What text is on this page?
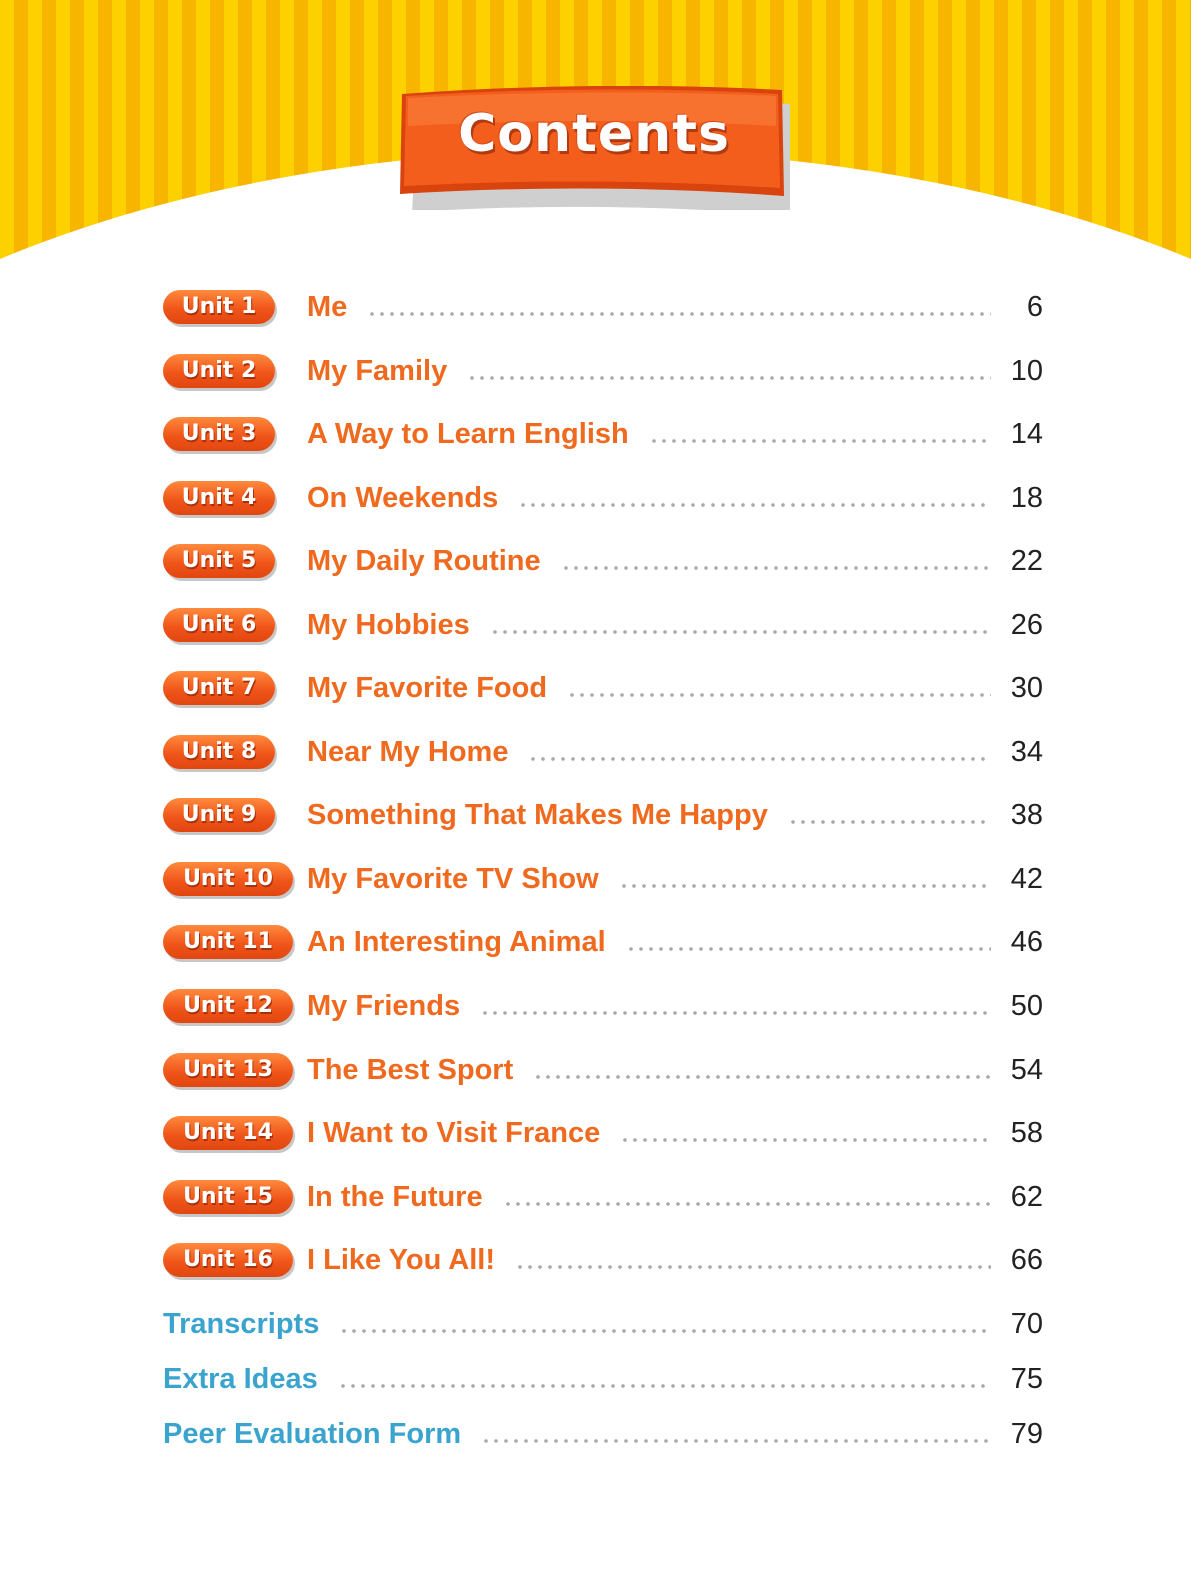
Contents
Unit 1	Me	6
Unit 2	My Family	10
Unit 3	A Way to Learn English	14
Unit 4	On Weekends	18
Unit 5	My Daily Routine	22
Unit 6	My Hobbies	26
Unit 7	My Favorite Food	30
Unit 8	Near My Home	34
Unit 9	Something That Makes Me Happy	38
Unit 10	My Favorite TV Show	42
Unit 11	An Interesting Animal	46
Unit 12	My Friends	50
Unit 13	The Best Sport	54
Unit 14	I Want to Visit France	58
Unit 15	In the Future	62
Unit 16	I Like You All!	66
Transcripts	70
Extra Ideas	75
Peer Evaluation Form	79
